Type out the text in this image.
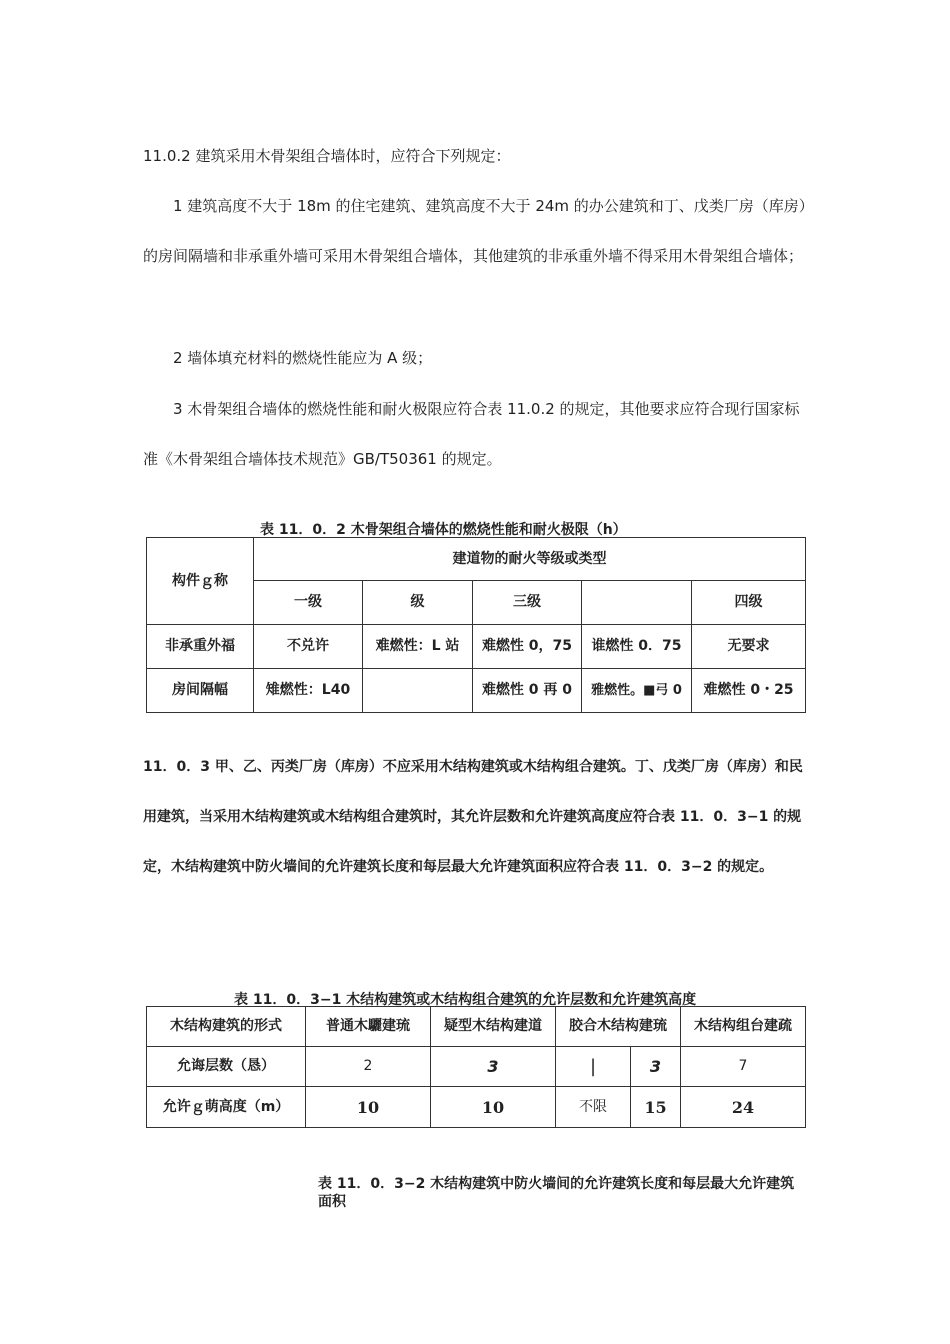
11.0.2 建筑采用木骨架组合墙体时，应符合下列规定：

1 建筑高度不大于 18m 的住宅建筑、建筑高度不大于 24m 的办公建筑和丁、戊类厂房（库房）的房间隔墙和非承重外墙可采用木骨架组合墙体，其他建筑的非承重外墙不得采用木骨架组合墙体；

2 墙体填充材料的燃烧性能应为 A 级；

3 木骨架组合墙体的燃烧性能和耐火极限应符合表 11.0.2 的规定，其他要求应符合现行国家标准《木骨架组合墙体技术规范》GB/T50361 的规定。

表 11．0．2 木骨架组合墙体的燃烧性能和耐火极限（h）
构件ｇ称	建道物的耐火等级或类型				
	一级	级	三级		四级
非承重外福	不兑许	难燃性：L 站	难燃性 0，75	谁燃性 0．75	无要求
房间隔幅	雉燃性：L40		难燃性 0 再 0	雅燃性。■弓 0	难燃性 0・25

11．0．3 甲、乙、丙类厂房（库房）不应采用木结构建筑或木结构组合建筑。丁、戊类厂房（库房）和民用建筑，当采用木结构建筑或木结构组合建筑时，其允许层数和允许建筑高度应符合表 11．0．3−1 的规定，木结构建筑中防火墙间的允许建筑长度和每层最大允许建筑面积应符合表 11．0．3−2 的规定。

表 11．0．3−1 木结构建筑或木结构组合建筑的允许层数和允许建筑高度
木结构建筑的形式	普通木驪建琉	疑型木结构建道	胶合木结构建琉		木结构组台建疏
允诲层数（恳）	2	3	|	3	7
允许ｇ萌高度（m）	10	10	不限	15	24
表 11．0．3−2 木结构建筑中防火墙间的允许建筑长度和每层最大允许建筑面积
